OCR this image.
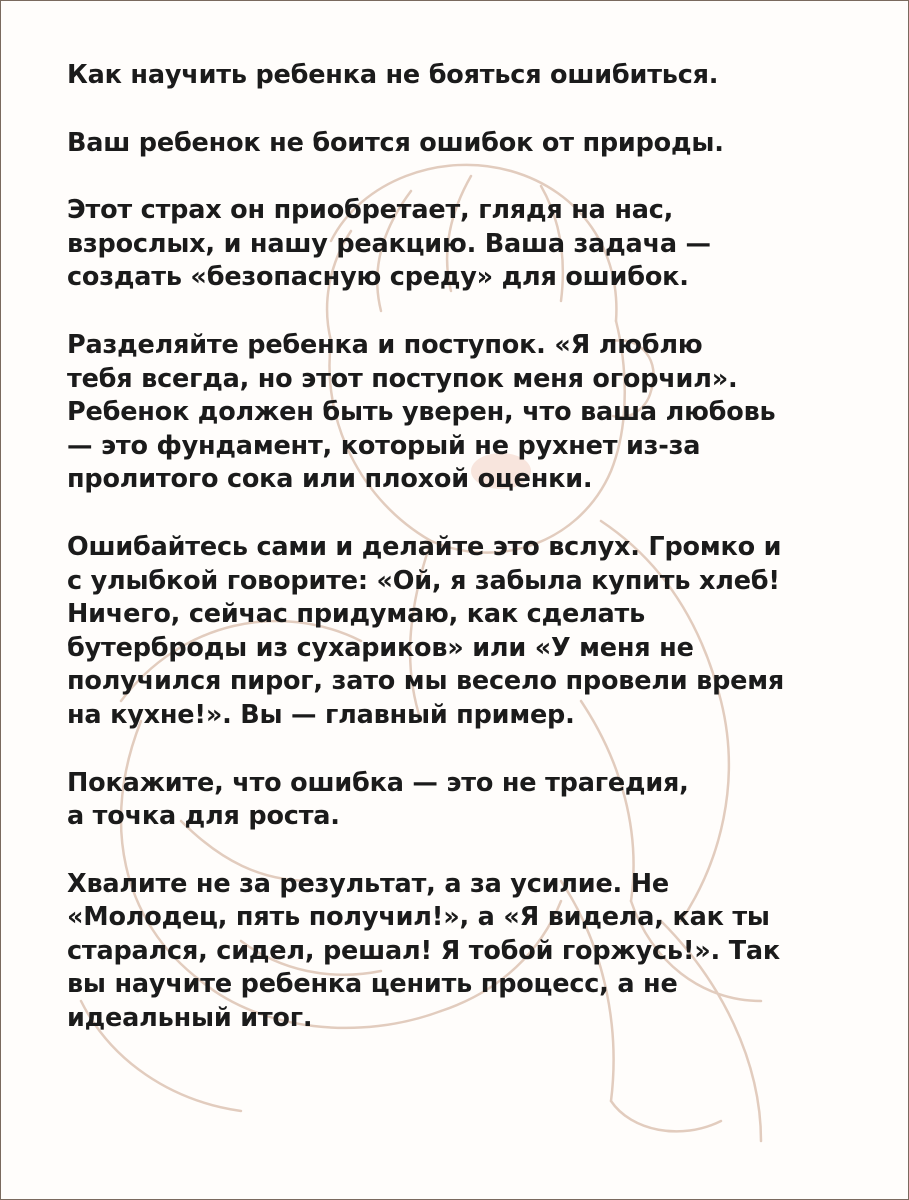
Как научить ребенка не бояться ошибиться.

Ваш ребенок не боится ошибок от природы.

Этот страх он приобретает, глядя на нас,
взрослых, и нашу реакцию. Ваша задача —
создать «безопасную среду» для ошибок.

Разделяйте ребенка и поступок. «Я люблю
тебя всегда, но этот поступок меня огорчил».
Ребенок должен быть уверен, что ваша любовь
— это фундамент, который не рухнет из-за
пролитого сока или плохой оценки.

Ошибайтесь сами и делайте это вслух. Громко и
с улыбкой говорите: «Ой, я забыла купить хлеб!
Ничего, сейчас придумаю, как сделать
бутерброды из сухариков» или «У меня не
получился пирог, зато мы весело провели время
на кухне!». Вы — главный пример.

Покажите, что ошибка — это не трагедия,
а точка для роста.

Хвалите не за результат, а за усилие. Не
«Молодец, пять получил!», а «Я видела, как ты
старался, сидел, решал! Я тобой горжусь!». Так
вы научите ребенка ценить процесс, а не
идеальный итог.
